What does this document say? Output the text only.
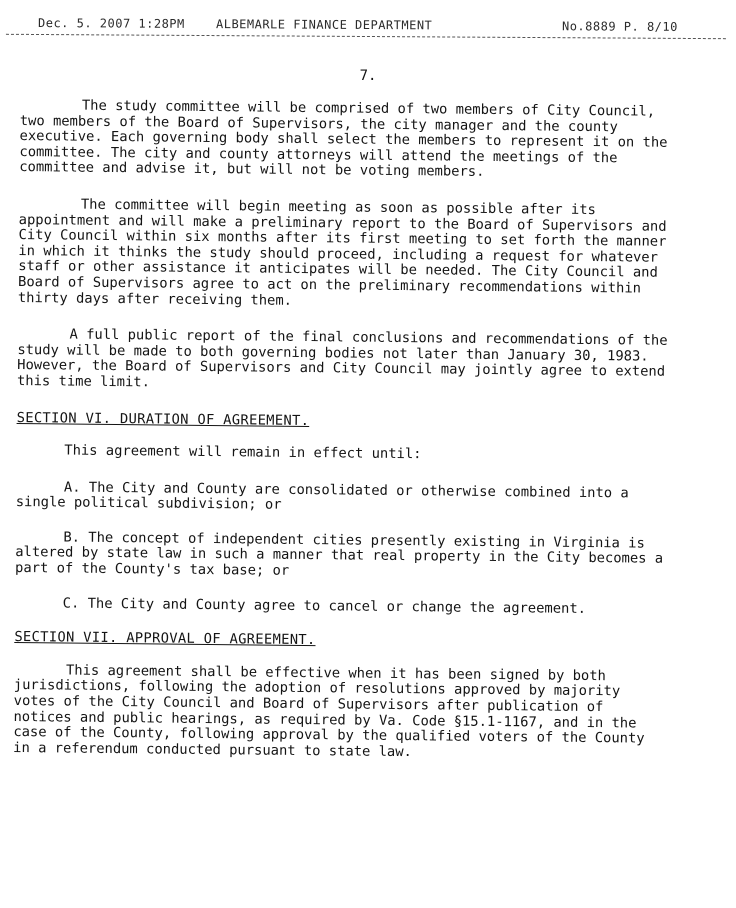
Dec. 5. 2007 1:28PM	ALBEMARLE FINANCE DEPARTMENT	No.8889 P. 8/10
7.

The study committee will be comprised of two members of City Council, two members of the Board of Supervisors, the city manager and the county executive. Each governing body shall select the members to represent it on the committee. The city and county attorneys will attend the meetings of the committee and advise it, but will not be voting members.

The committee will begin meeting as soon as possible after its appointment and will make a preliminary report to the Board of Supervisors and City Council within six months after its first meeting to set forth the manner in which it thinks the study should proceed, including a request for whatever staff or other assistance it anticipates will be needed. The City Council and Board of Supervisors agree to act on the preliminary recommendations within thirty days after receiving them.

A full public report of the final conclusions and recommendations of the study will be made to both governing bodies not later than January 30, 1983. However, the Board of Supervisors and City Council may jointly agree to extend this time limit.

SECTION VI. DURATION OF AGREEMENT.

This agreement will remain in effect until:

A. The City and County are consolidated or otherwise combined into a single political subdivision; or

B. The concept of independent cities presently existing in Virginia is altered by state law in such a manner that real property in the City becomes a part of the County's tax base; or

C. The City and County agree to cancel or change the agreement.

SECTION VII. APPROVAL OF AGREEMENT.

This agreement shall be effective when it has been signed by both jurisdictions, following the adoption of resolutions approved by majority votes of the City Council and Board of Supervisors after publication of notices and public hearings, as required by Va. Code §15.1-1167, and in the case of the County, following approval by the qualified voters of the County in a referendum conducted pursuant to state law.
